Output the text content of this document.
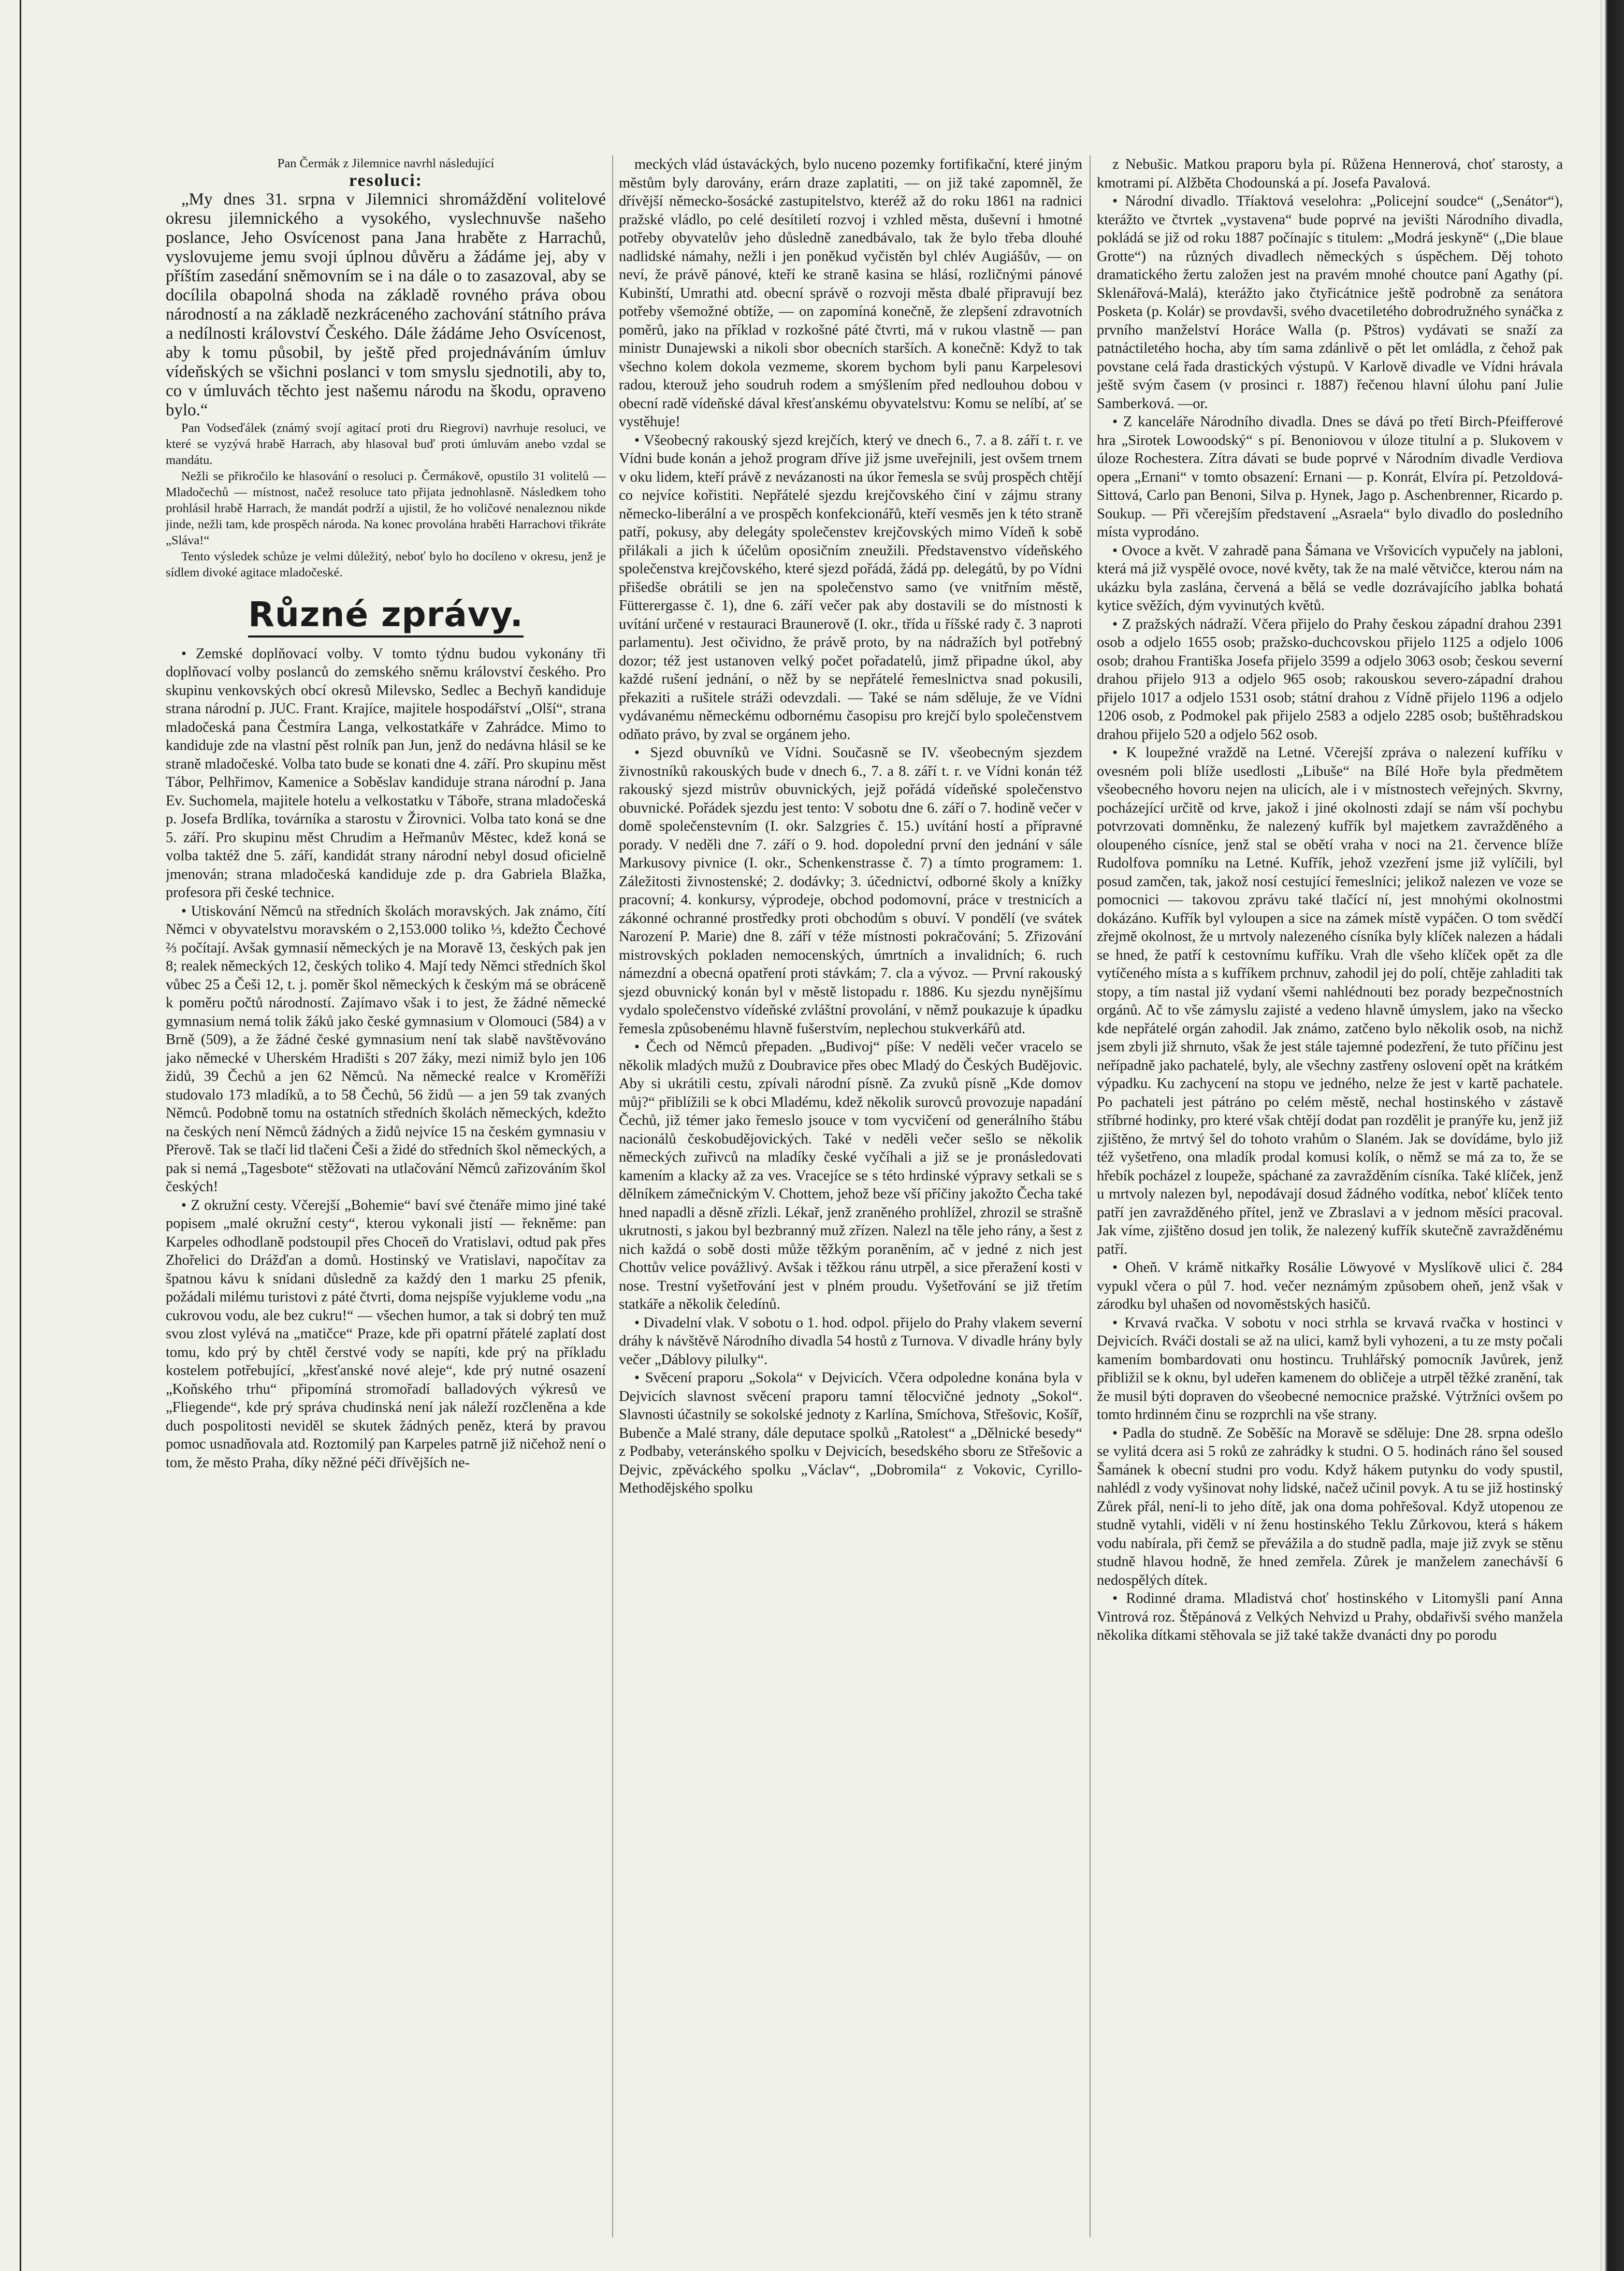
Pan Čermák z Jilemnice navrhl následující

resoluci:

„My dnes 31. srpna v Jilemnici shromáždění volitelové okresu jilemnického a vysokého, vyslechnuvše našeho poslance, Jeho Osvícenost pana Jana hraběte z Harrachů, vyslovujeme jemu svoji úplnou důvěru a žádáme jej, aby v příštím zasedání sněmovním se i na dále o to zasazoval, aby se docílila obapolná shoda na základě rovného práva obou národností a na základě nezkráceného zachování státního práva a nedílnosti království Českého. Dále žádáme Jeho Osvícenost, aby k tomu působil, by ještě před projednáváním úmluv vídeňských se všichni poslanci v tom smyslu sjednotili, aby to, co v úmluvách těchto jest našemu národu na škodu, opraveno bylo.“

Pan Vodseďálek (známý svojí agitací proti dru Riegrovi) navrhuje resoluci, ve které se vyzývá hrabě Harrach, aby hlasoval buď proti úmluvám anebo vzdal se mandátu.

Nežli se přikročilo ke hlasování o resoluci p. Čermákově, opustilo 31 volitelů — Mladočechů — místnost, načež resoluce tato přijata jednohlasně. Následkem toho prohlásil hrabě Harrach, že mandát podrží a ujistil, že ho voličové nenaleznou nikde jinde, nežli tam, kde prospěch národa. Na konec provolána hraběti Harrachovi třikráte „Sláva!“

Tento výsledek schůze je velmi důležitý, neboť bylo ho docíleno v okresu, jenž je sídlem divoké agitace mladočeské.

Různé zprávy.

• Zemské doplňovací volby. V tomto týdnu budou vykonány tři doplňovací volby poslanců do zemského sněmu království českého. Pro skupinu venkovských obcí okresů Milevsko, Sedlec a Bechyň kandiduje strana národní p. JUC. Frant. Krajíce, majitele hospodářství „Olší“, strana mladočeská pana Čestmíra Langa, velkostatkáře v Zahrádce. Mimo to kandiduje zde na vlastní pěst rolník pan Jun, jenž do nedávna hlásil se ke straně mladočeské. Volba tato bude se konati dne 4. září. Pro skupinu měst Tábor, Pelhřimov, Kamenice a Soběslav kandiduje strana národní p. Jana Ev. Suchomela, majitele hotelu a velkostatku v Táboře, strana mladočeská p. Josefa Brdlíka, továrníka a starostu v Žirovnici. Volba tato koná se dne 5. září. Pro skupinu měst Chrudim a Heřmanův Městec, kdež koná se volba taktéž dne 5. září, kandidát strany národní nebyl dosud oficielně jmenován; strana mladočeská kandiduje zde p. dra Gabriela Blažka, profesora při české technice.

• Utiskování Němců na středních školách moravských. Jak známo, čítí Němci v obyvatelstvu moravském o 2,153.000 toliko ⅓, kdežto Čechové ⅔ počítají. Avšak gymnasií německých je na Moravě 13, českých pak jen 8; realek německých 12, českých toliko 4. Mají tedy Němci středních škol vůbec 25 a Češi 12, t. j. poměr škol německých k českým má se obráceně k poměru počtů národností. Zajímavo však i to jest, že žádné německé gymnasium nemá tolik žáků jako české gymnasium v Olomouci (584) a v Brně (509), a že žádné české gymnasium není tak slabě navštěvováno jako německé v Uherském Hradišti s 207 žáky, mezi nimiž bylo jen 106 židů, 39 Čechů a jen 62 Němců. Na německé realce v Kroměříži studovalo 173 mladíků, a to 58 Čechů, 56 židů — a jen 59 tak zvaných Němců. Podobně tomu na ostatních středních školách německých, kdežto na českých není Němců žádných a židů nejvíce 15 na českém gymnasiu v Přerově. Tak se tlačí lid tlačeni Češi a židé do středních škol německých, a pak si nemá „Tagesbote“ stěžovati na utlačování Němců zařizováním škol českých!

• Z okružní cesty. Včerejší „Bohemie“ baví své čtenáře mimo jiné také popisem „malé okružní cesty“, kterou vykonali jistí — řekněme: pan Karpeles odhodlaně podstoupil přes Choceň do Vratislavi, odtud pak přes Zhořelici do Drážďan a domů. Hostinský ve Vratislavi, napočítav za špatnou kávu k snídani důsledně za každý den 1 marku 25 pfenik, požádali milému turistovi z páté čtvrti, doma nejspíše vyjukleme vodu „na cukrovou vodu, ale bez cukru!“ — všechen humor, a tak si dobrý ten muž svou zlost vylévá na „matičce“ Praze, kde při opatrní přátelé zaplatí dost tomu, kdo prý by chtěl čerstvé vody se napíti, kde prý na příkladu kostelem potřebující, „křesťanské nové aleje“, kde prý nutné osazení „Koňského trhu“ připomíná stromořadí balladových výkresů ve „Fliegende“, kde prý správa chudinská není jak náleží rozčleněna a kde duch pospolitosti neviděl se skutek žádných peněz, která by pravou pomoc usnadňovala atd. Roztomilý pan Karpeles patrně již ničehož není o tom, že město Praha, díky něžné péči dřívějších ne-

meckých vlád ústaváckých, bylo nuceno pozemky fortifikační, které jiným městům byly darovány, erárn draze zaplatiti, — on již také zapomněl, že dřívější německo-šosácké zastupitelstvo, kteréž až do roku 1861 na radnici pražské vládlo, po celé desítiletí rozvoj i vzhled města, duševní i hmotné potřeby obyvatelův jeho důsledně zanedbávalo, tak že bylo třeba dlouhé nadlidské námahy, nežli i jen poněkud vyčistěn byl chlév Augiášův, — on neví, že právě pánové, kteří ke straně kasina se hlásí, rozličnými pánové Kubinští, Umrathi atd. obecní správě o rozvoji města dbalé připravují bez potřeby všemožné obtíže, — on zapomíná konečně, že zlepšení zdravotních poměrů, jako na příklad v rozkošné páté čtvrti, má v rukou vlastně — pan ministr Dunajewski a nikoli sbor obecních starších. A konečně: Když to tak všechno kolem dokola vezmeme, skorem bychom byli panu Karpelesovi radou, kterouž jeho soudruh rodem a smýšlením před nedlouhou dobou v obecní radě vídeňské dával křesťanskému obyvatelstvu: Komu se nelíbí, ať se vystěhuje!

• Všeobecný rakouský sjezd krejčích, který ve dnech 6., 7. a 8. září t. r. ve Vídni bude konán a jehož program dříve již jsme uveřejnili, jest ovšem trnem v oku lidem, kteří právě z nevázanosti na úkor řemesla se svůj prospěch chtějí co nejvíce kořistiti. Nepřátelé sjezdu krejčovského činí v zájmu strany německo-liberální a ve prospěch konfekcionářů, kteří vesměs jen k této straně patří, pokusy, aby delegáty společenstev krejčovských mimo Vídeň k sobě přilákali a jich k účelům oposičním zneužili. Představenstvo vídeňského společenstva krejčovského, které sjezd pořádá, žádá pp. delegátů, by po Vídni přišedše obrátili se jen na společenstvo samo (ve vnitřním městě, Fütterergasse č. 1), dne 6. září večer pak aby dostavili se do místnosti k uvítání určené v restauraci Braunerově (I. okr., třída u říšské rady č. 3 naproti parlamentu). Jest očividno, že právě proto, by na nádražích byl potřebný dozor; též jest ustanoven velký počet pořadatelů, jimž připadne úkol, aby každé rušení jednání, o něž by se nepřátelé řemeslnictva snad pokusili, překaziti a rušitele stráži odevzdali. — Také se nám sděluje, že ve Vídni vydávanému německému odbornému časopisu pro krejčí bylo společenstvem odňato právo, by zval se orgánem jeho.

• Sjezd obuvníků ve Vídni. Současně se IV. všeobecným sjezdem živnostníků rakouských bude v dnech 6., 7. a 8. září t. r. ve Vídni konán též rakouský sjezd mistrův obuvnických, jejž pořádá vídeňské společenstvo obuvnické. Pořádek sjezdu jest tento: V sobotu dne 6. září o 7. hodině večer v domě společenstevním (I. okr. Salzgries č. 15.) uvítání hostí a přípravné porady. V neděli dne 7. září o 9. hod. dopolední první den jednání v sále Markusovy pivnice (I. okr., Schenkenstrasse č. 7) a tímto programem: 1. Záležitosti živnostenské; 2. dodávky; 3. účednictví, odborné školy a knížky pracovní; 4. konkursy, výprodeje, obchod podomovní, práce v trestnicích a zákonné ochranné prostředky proti obchodům s obuví. V pondělí (ve svátek Narození P. Marie) dne 8. září v téže místnosti pokračování; 5. Zřizování mistrovských pokladen nemocenských, úmrtních a invalidních; 6. ruch námezdní a obecná opatření proti stávkám; 7. cla a vývoz. — První rakouský sjezd obuvnický konán byl v městě listopadu r. 1886. Ku sjezdu nynějšímu vydalo společenstvo vídeňské zvláštní provolání, v němž poukazuje k úpadku řemesla způsobenému hlavně fušerstvím, neplechou stukverkářů atd.

• Čech od Němců přepaden. „Budivoj“ píše: V neděli večer vracelo se několik mladých mužů z Doubravice přes obec Mladý do Českých Budějovic. Aby si ukrátili cestu, zpívali národní písně. Za zvuků písně „Kde domov můj?“ přiblížili se k obci Mladému, kdež několik surovců provozuje napadání Čechů, již témer jako řemeslo jsouce v tom vycvičení od generálního štábu nacionálů českobudějovických. Také v neděli večer sešlo se několik německých zuřivců na mladíky české vyčíhali a již se je pronásledovati kamením a klacky až za ves. Vracejíce se s této hrdinské výpravy setkali se s dělníkem zámečnickým V. Chottem, jehož beze vší příčiny jakožto Čecha také hned napadli a děsně zřízli. Lékař, jenž zraněného prohlížel, zhrozil se strašně ukrutnosti, s jakou byl bezbranný muž zřízen. Nalezl na těle jeho rány, a šest z nich každá o sobě dosti může těžkým poraněním, ač v jedné z nich jest Chottův velice povážlivý. Avšak i těžkou ránu utrpěl, a sice přeražení kosti v nose. Trestní vyšetřování jest v plném proudu. Vyšetřování se již třetím statkáře a několik čeledínů.

• Divadelní vlak. V sobotu o 1. hod. odpol. přijelo do Prahy vlakem severní dráhy k návštěvě Národního divadla 54 hostů z Turnova. V divadle hrány byly večer „Dáblovy pilulky“.

• Svěcení praporu „Sokola“ v Dejvicích. Včera odpoledne konána byla v Dejvicích slavnost svěcení praporu tamní tělocvičné jednoty „Sokol“. Slavnosti účastnily se sokolské jednoty z Karlína, Smíchova, Střešovic, Košíř, Bubenče a Malé strany, dále deputace spolků „Ratolest“ a „Dělnické besedy“ z Podbaby, veteránského spolku v Dejvicích, besedského sboru ze Střešovic a Dejvic, zpěváckého spolku „Václav“, „Dobromila“ z Vokovic, Cyrillo-Methodějského spolku

z Nebušic. Matkou praporu byla pí. Růžena Hennerová, choť starosty, a kmotrami pí. Alžběta Chodounská a pí. Josefa Pavalová.

• Národní divadlo. Tříaktová veselohra: „Policejní soudce“ („Senátor“), kterážto ve čtvrtek „vystavena“ bude poprvé na jevišti Národního divadla, pokládá se již od roku 1887 počínajíc s titulem: „Modrá jeskyně“ („Die blaue Grotte“) na různých divadlech německých s úspěchem. Děj tohoto dramatického žertu založen jest na pravém mnohé choutce paní Agathy (pí. Sklenářová-Malá), kterážto jako čtyřicátnice ještě podrobně za senátora Posketa (p. Kolár) se provdavši, svého dvacetiletého dobrodružného synáčka z prvního manželství Horáce Walla (p. Pštros) vydávati se snaží za patnáctiletého hocha, aby tím sama zdánlivě o pět let omládla, z čehož pak povstane celá řada drastických výstupů. V Karlově divadle ve Vídni hrávala ještě svým časem (v prosinci r. 1887) řečenou hlavní úlohu paní Julie Samberková. —or.

• Z kanceláře Národního divadla. Dnes se dává po třetí Birch-Pfeifferové hra „Sirotek Lowoodský“ s pí. Benoniovou v úloze titulní a p. Slukovem v úloze Rochestera. Zítra dávati se bude poprvé v Národním divadle Verdiova opera „Ernani“ v tomto obsazení: Ernani — p. Konrát, Elvíra pí. Petzoldová-Sittová, Carlo pan Benoni, Silva p. Hynek, Jago p. Aschenbrenner, Ricardo p. Soukup. — Při včerejším představení „Asraela“ bylo divadlo do posledního místa vyprodáno.

• Ovoce a květ. V zahradě pana Šámana ve Vršovicích vypučely na jabloni, která má již vyspělé ovoce, nové květy, tak že na malé větvičce, kterou nám na ukázku byla zaslána, červená a bělá se vedle dozrávajícího jablka bohatá kytice svěžích, dým vyvinutých květů.

• Z pražských nádraží. Včera přijelo do Prahy českou západní drahou 2391 osob a odjelo 1655 osob; pražsko-duchcovskou přijelo 1125 a odjelo 1006 osob; drahou Františka Josefa přijelo 3599 a odjelo 3063 osob; českou severní drahou přijelo 913 a odjelo 965 osob; rakouskou severo-západní drahou přijelo 1017 a odjelo 1531 osob; státní drahou z Vídně přijelo 1196 a odjelo 1206 osob, z Podmokel pak přijelo 2583 a odjelo 2285 osob; buštěhradskou drahou přijelo 520 a odjelo 562 osob.

• K loupežné vraždě na Letné. Včerejší zpráva o nalezení kufříku v ovesném poli blíže usedlosti „Libuše“ na Bílé Hoře byla předmětem všeobecného hovoru nejen na ulicích, ale i v místnostech veřejných. Skvrny, pocházející určitě od krve, jakož i jiné okolnosti zdají se nám vší pochybu potvrzovati domněnku, že nalezený kufřík byl majetkem zavražděného a oloupeného císníce, jenž stal se obětí vraha v noci na 21. července blíže Rudolfova pomníku na Letné. Kufřík, jehož vzezření jsme již vylíčili, byl posud zamčen, tak, jakož nosí cestující řemeslníci; jelikož nalezen ve voze se pomocnici — takovou zprávu také tlačící ní, jest mnohými okolnostmi dokázáno. Kufřík byl vyloupen a sice na zámek místě vypáčen. O tom svědčí zřejmě okolnost, že u mrtvoly nalezeného císníka byly klíček nalezen a hádali se hned, že patří k cestovnímu kufříku. Vrah dle všeho klíček opět za dle vytíčeného místa a s kufříkem prchnuv, zahodil jej do polí, chtěje zahladiti tak stopy, a tím nastal již vydaní všemi nahlédnouti bez porady bezpečnostních orgánů. Ač to vše zámyslu zajisté a vedeno hlavně úmyslem, jako na všecko kde nepřátelé orgán zahodil. Jak známo, zatčeno bylo několik osob, na nichž jsem zbyli již shrnuto, však že jest stále tajemné podezření, že tuto příčinu jest neřípadně jako pachatelé, byly, ale všechny zastřeny oslovení opět na krátkém výpadku. Ku zachycení na stopu ve jedného, nelze že jest v kartě pachatele. Po pachateli jest pátráno po celém městě, nechal hostinského v zástavě stříbrné hodinky, pro které však chtějí dodat pan rozdělit je pranýře ku, jenž již zjištěno, že mrtvý šel do tohoto vrahům o Slaném. Jak se dovídáme, bylo již též vyšetřeno, ona mladík prodal komusi kolík, o němž se má za to, že se hřebík pocházel z loupeže, spáchané za zavražděním císníka. Také klíček, jenž u mrtvoly nalezen byl, nepodávají dosud žádného vodítka, neboť klíček tento patří jen zavražděného přítel, jenž ve Zbraslavi a v jednom měsíci pracoval. Jak víme, zjištěno dosud jen tolik, že nalezený kufřík skutečně zavražděnému patří.

• Oheň. V krámě nitkařky Rosálie Löwyové v Myslíkově ulici č. 284 vypukl včera o půl 7. hod. večer neznámým způsobem oheň, jenž však v zárodku byl uhašen od novoměstských hasičů.

• Krvavá rvačka. V sobotu v noci strhla se krvavá rvačka v hostinci v Dejvicích. Rváči dostali se až na ulici, kamž byli vyhozeni, a tu ze msty počali kamením bombardovati onu hostincu. Truhlářský pomocník Javůrek, jenž přibližil se k oknu, byl udeřen kamenem do obličeje a utrpěl těžké zranění, tak že musil býti dopraven do všeobecné nemocnice pražské. Výtržníci ovšem po tomto hrdinném činu se rozprchli na vše strany.

• Padla do studně. Ze Soběšíc na Moravě se sděluje: Dne 28. srpna odešlo se vylitá dcera asi 5 roků ze zahrádky k studni. O 5. hodinách ráno šel soused Šamánek k obecní studni pro vodu. Když hákem putynku do vody spustil, nahlédl z vody vyšinovat nohy lidské, načež učinil povyk. A tu se již hostinský Zůrek přál, není-li to jeho dítě, jak ona doma pohřešoval. Když utopenou ze studně vytahli, viděli v ní ženu hostinského Teklu Zůrkovou, která s hákem vodu nabírala, při čemž se převážila a do studně padla, maje již zvyk se stěnu studně hlavou hodně, že hned zemřela. Zůrek je manželem zanechávší 6 nedospělých dítek.

• Rodinné drama. Mladistvá choť hostinského v Litomyšli paní Anna Vintrová roz. Štěpánová z Velkých Nehvizd u Prahy, obdařivši svého manžela několika dítkami stěhovala se již také takže dvanácti dny po porodu
